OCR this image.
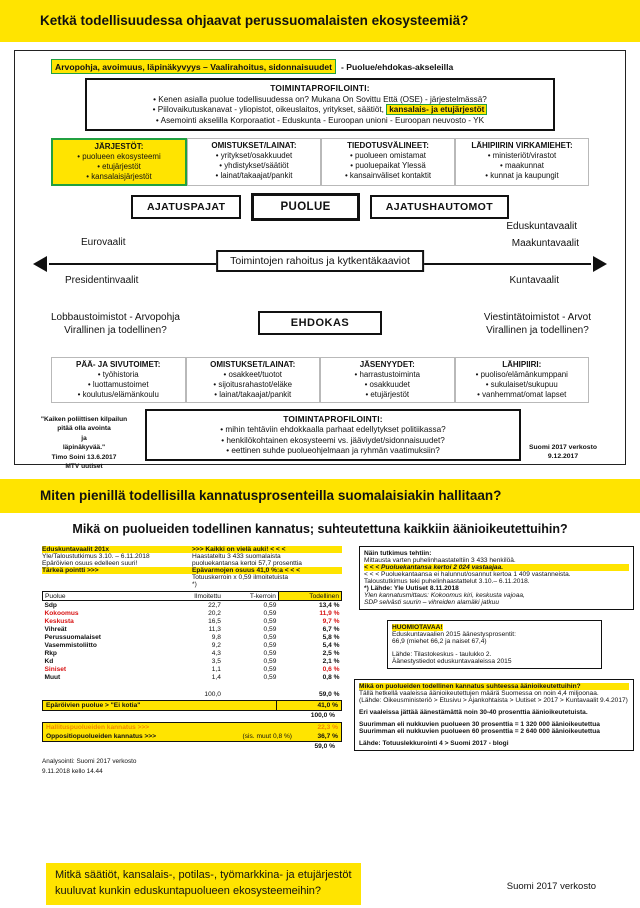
Ketkä todellisuudessa ohjaavat perussuomalaisten ekosysteemiä?
Arvopohja, avoimuus, läpinäkyvyys – Vaalirahoitus, sidonnaisuudet	- Puolue/ehdokas-akseleilla
TOIMINTAPROFILOINTI:
• Kenen asialla puolue todellisuudessa on? Mukana On Sovittu Että (OSE) - järjestelmässä?
• Piilovaikutuskanavat - yliopistot, oikeuslaitos, yritykset, säätiöt, kansalais- ja etujärjestöt
• Asemointi akselilla Korporaatiot - Eduskunta - Euroopan unioni - Euroopan neuvosto - YK
JÄRJESTÖT:
• puolueen ekosysteemi
• etujärjestöt
• kansalaisjärjestöt
OMISTUKSET/LAINAT:
• yritykset/osakkuudet
• yhdistykset/säätiöt
• lainat/takaajat/pankit
TIEDOTUSVÄLINEET:
• puolueen omistamat
• puoluepaikat Ylessä
• kansainväliset kontaktit
LÄHIPIIRIN VIRKAMIEHET:
• ministeriöt/virastot
• maakunnat
• kunnat ja kaupungit
AJATUSPAJAT	PUOLUE	AJATUSHAUTOMOT
Toimintojen rahoitus ja kytkentäkaaviot
Eurovaalit
Presidentinvaalit
Eduskuntavaalit
Maakuntavaalit
Kuntavaalit
Lobbaustoimistot - Arvopohja
Virallinen ja todellinen?
EHDOKAS	Viestintätoimistot - Arvot
Virallinen ja todellinen?
PÄÄ- JA SIVUTOIMET:
• työhistoria
• luottamustoimet
• koulutus/elämänkoulu
OMISTUKSET/LAINAT:
• osakkeet/tuotot
• sijoitusrahastot/eläke
• lainat/takaajat/pankit
JÄSENYYDET:
• harrastustoiminta
• osakkuudet
• etujärjestöt
LÄHIPIIRI:
• puoliso/elämänkumppani
• sukulaiset/sukupuu
• vanhemmat/omat lapset
"Kaiken poliittisen kilpailun
pitää olla avointa
ja
läpinäkyvää."
Timo Soini 13.6.2017
MTV uutiset
TOIMINTAPROFILOINTI:
• mihin tehtäviin ehdokkaalla parhaat edellytykset politiikassa?
• henkilökohtainen ekosysteemi vs. jääviydet/sidonnaisuudet?
• eettinen suhde puolueohjelmaan ja ryhmän vaatimuksiin?	Suomi 2017 verkosto
9.12.2017
Miten pienillä todellisilla kannatusprosenteilla suomalaisiakin hallitaan?
Mikä on puolueiden todellinen kannatus; suhteutettuna kaikkiin äänioikeutettuihin?
Eduskuntavaalit 201x	>>> Kaikki on vielä auki! < < <
Yle/Taloustutkimus 3.10. – 6.11.2018	Haastateltu 3 433 suomalaista
Epäröivien osuus edelleen suuri!	puoluekantansa kertoi 57,7 prosenttia
Tärkeä pointti >>>	Epävarmojen osuus 41,0 %:a < < <
Totuuskerroin x 0,59 ilmoitetuista
*)
Puolue	Ilmoitettu	T-kerroin	Todellinen
Sdp	22,7	0,59	13,4 %
Kokoomus	20,2	0,59	11,9 %
Keskusta	16,5	0,59	9,7 %
Vihreät	11,3	0,59	6,7 %
Perussuomalaiset	9,8	0,59	5,8 %
Vasemmistoliitto	9,2	0,59	5,4 %
Rkp	4,3	0,59	2,5 %
Kd	3,5	0,59	2,1 %
Siniset	1,1	0,59	0,6 %
Muut	1,4	0,59	0,8 %

	100,0		59,0 %
Epäröivien puolue > "Ei kotia"	41,0 %
100,0 %
Hallituspuolueiden kannatus >>>	22,3 %
Oppositiopuolueiden kannatus >>>	(sis. muut 0,8 %)	36,7 %
59,0 %
Analysointi: Suomi 2017 verkosto
9.11.2018 kello 14.44
Näin tutkimus tehtiin:
Mittausta varten puhelinhaastateltiin 3 433 henkilöä.
< < < Puoluekantansa kertoi 2 024 vastaajaa.
< < < Puoluekantaansa ei halunnut/osannut kertoa 1 409 vastanneista.
Taloustutkimus teki puhelinhaastattelut 3.10.– 6.11.2018.
*) Lähde: Yle Uutiset 8.11.2018
Ylen kannatusmittaus: Kokoomus kiri, keskusta vajoaa,
SDP selvästi suurin – vihreiden alamäki jatkuu
HUOMIOTAVAA!
Eduskuntavaalien 2015 äänestysprosentit:
66,9 (miehet 66,2 ja naiset 67,4)
Lähde: Tilastokeskus - taulukko 2.
Äänestystiedot eduskuntavaaleissa 2015
Mikä on puolueiden todellinen kannatus suhteessa äänioikeutettuihin?
Tällä hetkellä vaaleissa äänioikeutettujen määrä Suomessa on noin 4,4 miljoonaa.
(Lähde: Oikeusministeriö > Etusivu > Ajankohtaista > Uutiset > 2017 > Kuntavaalit 9.4.2017)
Eri vaaleissa jättää äänestämättä noin 30-40 prosenttia äänioikeutetuista.
Suurimman eli nukkuvien puolueen 30 prosenttia = 1 320 000 äänioikeutettua
Suurimman eli nukkuvien puolueen 60 prosenttia = 2 640 000 äänioikeutettua
Lähde: Totuuslekkurointi 4 > Suomi 2017 - blogi
Mitkä säätiöt, kansalais-, potilas-, työmarkkina- ja etujärjestöt
kuuluvat kunkin eduskuntapuolueen ekosysteemeihin?	Suomi 2017 verkosto
